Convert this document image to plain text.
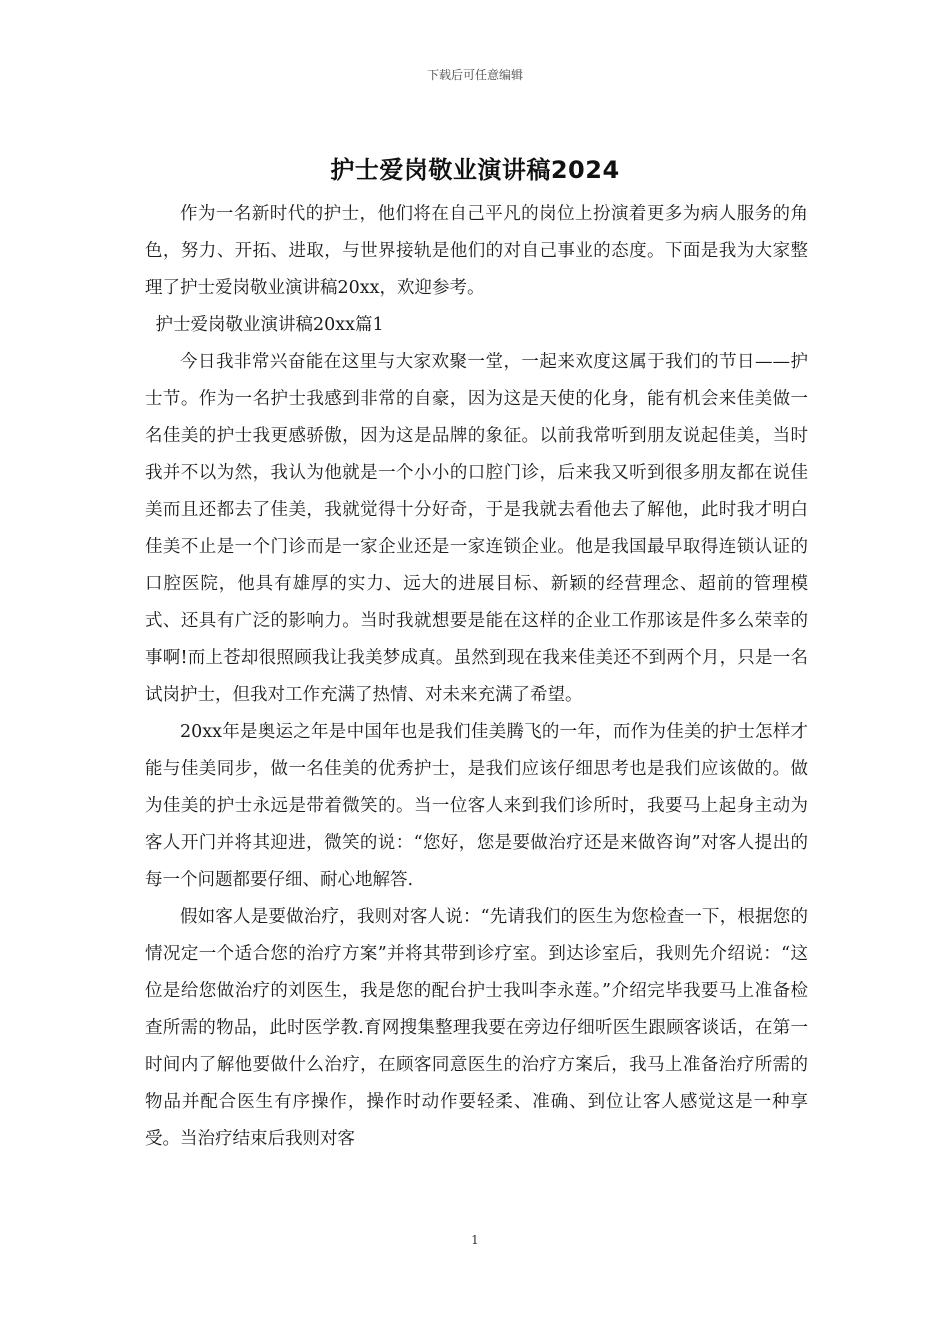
下载后可任意编辑
护士爱岗敬业演讲稿2024

作为一名新时代的护士，他们将在自己平凡的岗位上扮演着更多为病人服务的角色，努力、开拓、进取，与世界接轨是他们的对自己事业的态度。下面是我为大家整理了护士爱岗敬业演讲稿20xx，欢迎参考。

护士爱岗敬业演讲稿20xx篇1

今日我非常兴奋能在这里与大家欢聚一堂，一起来欢度这属于我们的节日——护士节。作为一名护士我感到非常的自豪，因为这是天使的化身，能有机会来佳美做一名佳美的护士我更感骄傲，因为这是品牌的象征。以前我常听到朋友说起佳美，当时我并不以为然，我认为他就是一个小小的口腔门诊，后来我又听到很多朋友都在说佳美而且还都去了佳美，我就觉得十分好奇，于是我就去看他去了解他，此时我才明白佳美不止是一个门诊而是一家企业还是一家连锁企业。他是我国最早取得连锁认证的口腔医院，他具有雄厚的实力、远大的进展目标、新颖的经营理念、超前的管理模式、还具有广泛的影响力。当时我就想要是能在这样的企业工作那该是件多么荣幸的事啊!而上苍却很照顾我让我美梦成真。虽然到现在我来佳美还不到两个月，只是一名试岗护士，但我对工作充满了热情、对未来充满了希望。

20xx年是奥运之年是中国年也是我们佳美腾飞的一年，而作为佳美的护士怎样才能与佳美同步，做一名佳美的优秀护士，是我们应该仔细思考也是我们应该做的。做为佳美的护士永远是带着微笑的。当一位客人来到我们诊所时，我要马上起身主动为客人开门并将其迎进，微笑的说：“您好，您是要做治疗还是来做咨询”对客人提出的每一个问题都要仔细、耐心地解答.

假如客人是要做治疗，我则对客人说：“先请我们的医生为您检查一下，根据您的情况定一个适合您的治疗方案”并将其带到诊疗室。到达诊室后，我则先介绍说：“这位是给您做治疗的刘医生，我是您的配台护士我叫李永莲。”介绍完毕我要马上准备检查所需的物品，此时医学教.育网搜集整理我要在旁边仔细听医生跟顾客谈话，在第一时间内了解他要做什么治疗，在顾客同意医生的治疗方案后，我马上准备治疗所需的物品并配合医生有序操作，操作时动作要轻柔、准确、到位让客人感觉这是一种享受。当治疗结束后我则对客

1
